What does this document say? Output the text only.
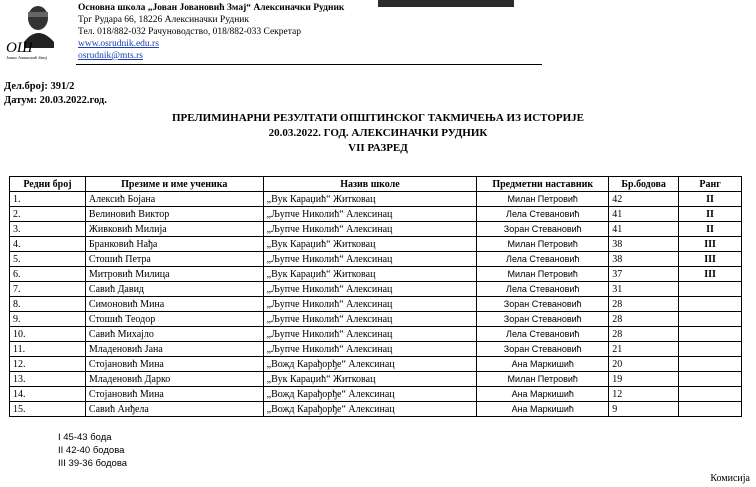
ОШ
Јован Јовановић Змај
Основна школа „Јован Јовановић Змај“ Алексиначки Рудник
Трг Рудара 66, 18226 Алексиначки Рудник
Тел. 018/882-032 Рачуноводство, 018/882-033 Секретар
www.osrudnik.edu.rs
osrudnik@mts.rs
Дел.број: 391/2
Датум: 20.03.2022.год.
ПРЕЛИМИНАРНИ РЕЗУЛТАТИ ОПШТИНСКОГ ТАКМИЧЕЊА ИЗ ИСТОРИЈЕ
20.03.2022. ГОД. АЛЕКСИНАЧКИ РУДНИК
VII РАЗРЕД
Редни број	Презиме и име ученика	Назив школе	Предметни наставник	Бр.бодова	Ранг
1.	Алексић Бојана	„Вук Караџић“ Житковац	Милан Петровић	42	II
2.	Велиновић Виктор	„Љупче Николић“ Алексинац	Лела Стевановић	41	II
3.	Живковић Милија	„Љупче Николић“ Алексинац	Зоран Стевановић	41	II
4.	Бранковић Нађа	„Вук Караџић“ Житковац	Милан Петровић	38	III
5.	Стошић Петра	„Љупче Николић“ Алексинац	Лела Стевановић	38	III
6.	Митровић Милица	„Вук Караџић“ Житковац	Милан Петровић	37	III
7.	Савић Давид	„Љупче Николић“ Алексинац	Лела Стевановић	31	
8.	Симоновић Мина	„Љупче Николић“ Алексинац	Зоран Стевановић	28	
9.	Стошић Теодор	„Љупче Николић“ Алексинац	Зоран Стевановић	28	
10.	Савић Михајло	„Љупче Николић“ Алексинац	Лела Стевановић	28	
11.	Младеновић Јана	„Љупче Николић“ Алексинац	Зоран Стевановић	21	
12.	Стојановић Мина	„Вожд Карађорђе“ Алексинац	Ана Маркишић	20	
13.	Младеновић Дарко	„Вук Караџић“ Житковац	Милан Петровић	19	
14.	Стојановић Мина	„Вожд Карађорђе“ Алексинац	Ана Маркишић	12	
15.	Савић Анђела	„Вожд Карађорђе“ Алексинац	Ана Маркишић	9	
I 45-43 бода
II 42-40 бодова
III 39-36 бодова
Комисија
